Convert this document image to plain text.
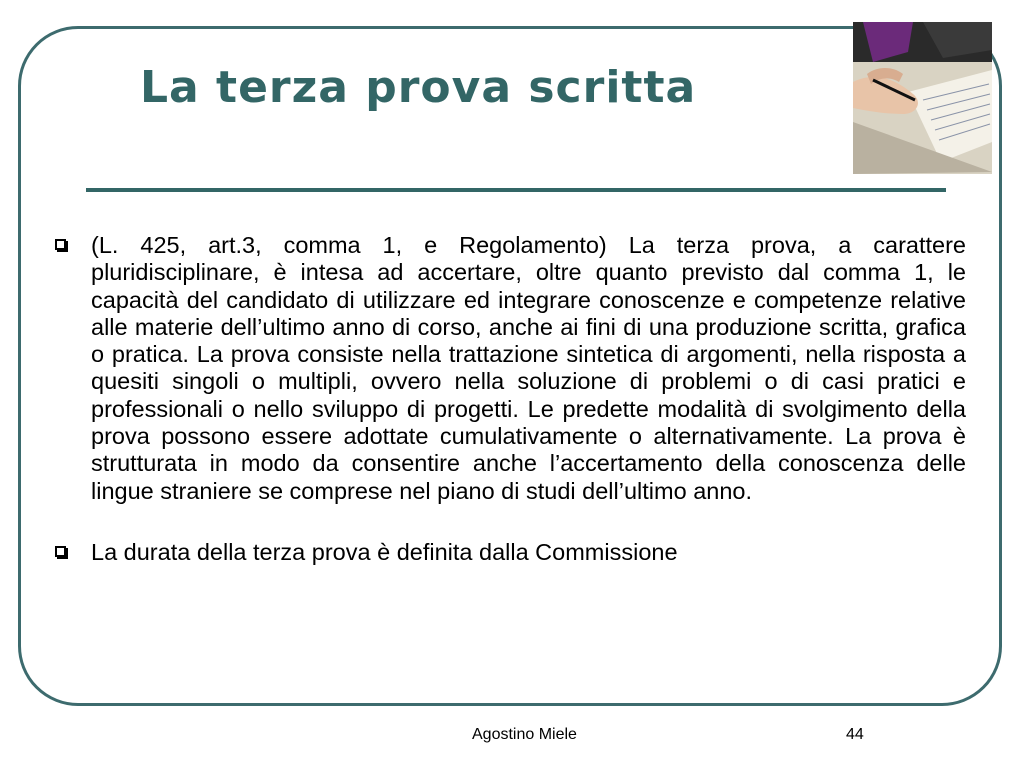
La terza prova scritta
(L. 425, art.3, comma 1, e Regolamento) La terza prova, a carattere pluridisciplinare, è intesa ad accertare, oltre quanto previsto dal comma 1, le capacità del candidato di utilizzare ed integrare conoscenze e competenze relative alle materie dell’ultimo anno di corso, anche ai fini di una produzione scritta, grafica o pratica. La prova consiste nella trattazione sintetica di argomenti, nella risposta a quesiti singoli o multipli, ovvero nella soluzione di problemi o di casi pratici e professionali o nello sviluppo di progetti. Le predette modalità di svolgimento della prova possono essere adottate cumulativamente o alternativamente. La prova è strutturata in modo da consentire anche l’accertamento della conoscenza delle lingue straniere se comprese nel piano di studi dell’ultimo anno.
La durata della terza prova è definita dalla Commissione
Agostino Miele	44
